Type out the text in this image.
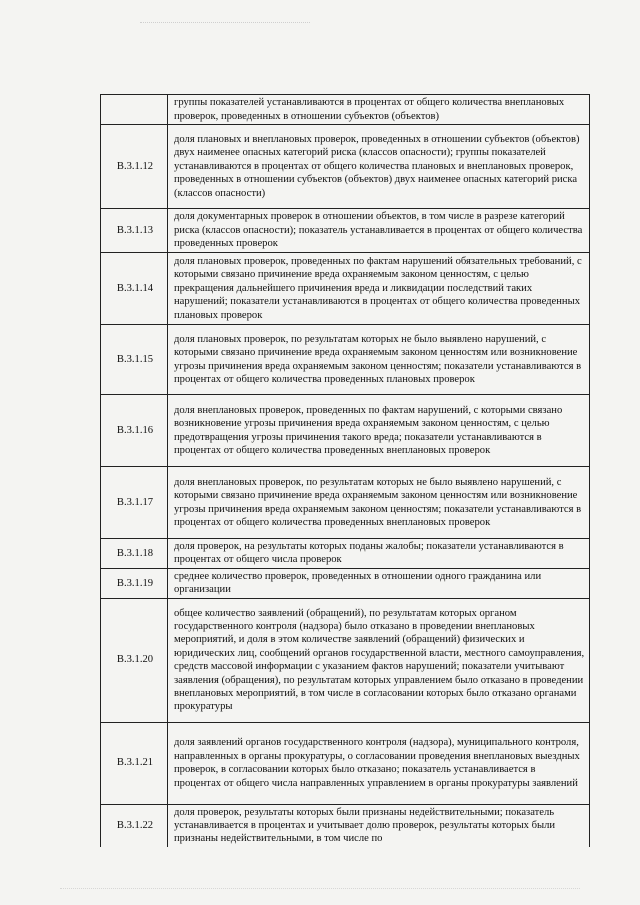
	группы показателей устанавливаются в процентах от общего количества внеплановых проверок, проведенных в отношении субъектов (объектов)
В.3.1.12	доля плановых и внеплановых проверок, проведенных в отношении субъектов (объектов) двух наименее опасных категорий риска (классов опасности); группы показателей устанавливаются в процентах от общего количества плановых и внеплановых проверок, проведенных в отношении субъектов (объектов) двух наименее опасных категорий риска (классов опасности)
В.3.1.13	доля документарных проверок в отношении объектов, в том числе в разрезе категорий риска (классов опасности); показатель устанавливается в процентах от общего количества проведенных проверок
В.3.1.14	доля плановых проверок, проведенных по фактам нарушений обязательных требований, с которыми связано причинение вреда охраняемым законом ценностям, с целью прекращения дальнейшего причинения вреда и ликвидации последствий таких нарушений; показатели устанавливаются в процентах от общего количества проведенных плановых проверок
В.3.1.15	доля плановых проверок, по результатам которых не было выявлено нарушений, с которыми связано причинение вреда охраняемым законом ценностям или возникновение угрозы причинения вреда охраняемым законом ценностям; показатели устанавливаются в процентах от общего количества проведенных плановых проверок
В.3.1.16	доля внеплановых проверок, проведенных по фактам нарушений, с которыми связано возникновение угрозы причинения вреда охраняемым законом ценностям, с целью предотвращения угрозы причинения такого вреда; показатели устанавливаются в процентах от общего количества проведенных внеплановых проверок
В.3.1.17	доля внеплановых проверок, по результатам которых не было выявлено нарушений, с которыми связано причинение вреда охраняемым законом ценностям или возникновение угрозы причинения вреда охраняемым законом ценностям; показатели устанавливаются в процентах от общего количества проведенных внеплановых проверок
В.3.1.18	доля проверок, на результаты которых поданы жалобы; показатели устанавливаются в процентах от общего числа проверок
В.3.1.19	среднее количество проверок, проведенных в отношении одного гражданина или организации
В.3.1.20	общее количество заявлений (обращений), по результатам которых органом государственного контроля (надзора) было отказано в проведении внеплановых мероприятий, и доля в этом количестве заявлений (обращений) физических и юридических лиц, сообщений органов государственной власти, местного самоуправления, средств массовой информации с указанием фактов нарушений; показатели учитывают заявления (обращения), по результатам которых управлением было отказано в проведении внеплановых мероприятий, в том числе в согласовании которых было отказано органами прокуратуры
В.3.1.21	доля заявлений органов государственного контроля (надзора), муниципального контроля, направленных в органы прокуратуры, о согласовании проведения внеплановых выездных проверок, в согласовании которых было отказано; показатель устанавливается в процентах от общего числа направленных управлением в органы прокуратуры заявлений
В.3.1.22	доля проверок, результаты которых были признаны недействительными; показатель устанавливается в процентах и учитывает долю проверок, результаты которых были признаны недействительными, в том числе по
